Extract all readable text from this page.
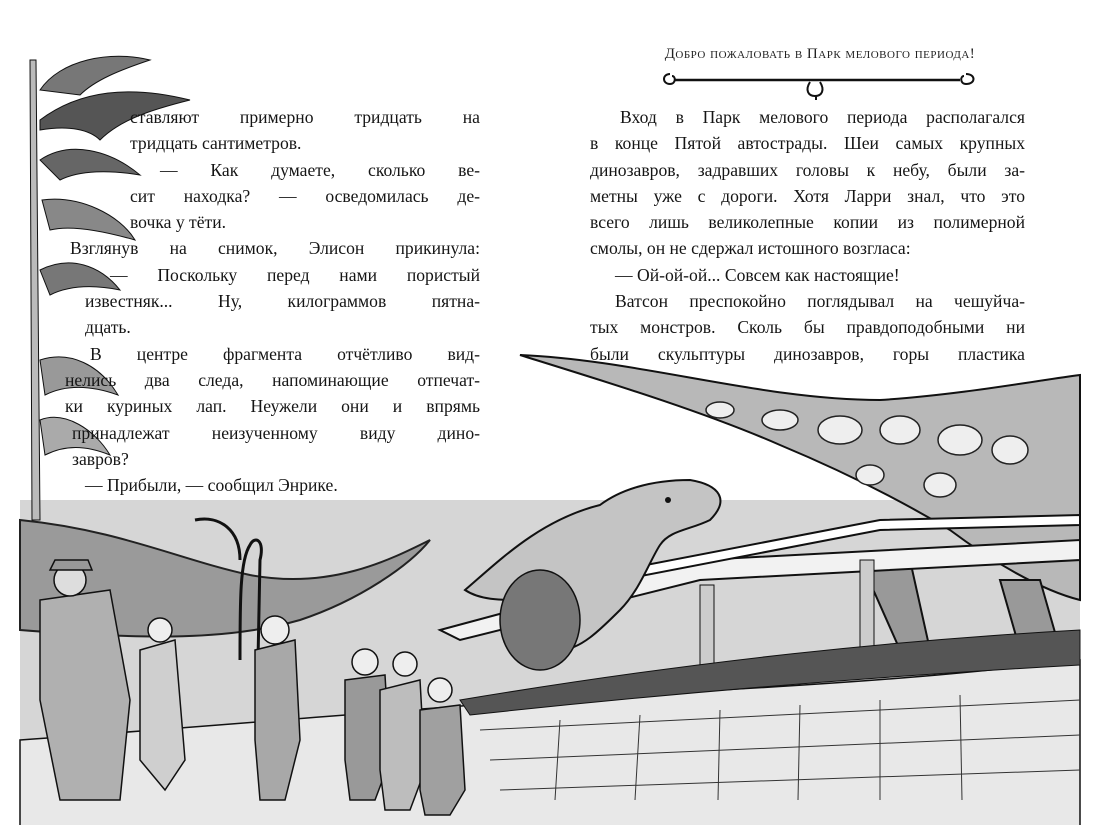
ставляют примерно тридцать на

тридцать сантиметров.

— Как думаете, сколько ве-

сит находка? — осведомилась де-

вочка у тёти.

Взглянув на снимок, Элисон прикинула:

— Поскольку перед нами пористый

известняк... Ну, килограммов пятна-

дцать.

В центре фрагмента отчётливо вид-

нелись два следа, напоминающие отпечат-

ки куриных лап. Неужели они и впрямь

принадлежат неизученному виду дино-

завров?

— Прибыли, — сообщил Энрике.

Добро пожаловать в Парк мелового периода!

Вход в Парк мелового периода располагался

в конце Пятой автострады. Шеи самых крупных

динозавров, задравших головы к небу, были за-

метны уже с дороги. Хотя Ларри знал, что это

всего лишь великолепные копии из полимерной

смолы, он не сдержал истошного возгласа:

— Ой-ой-ой... Совсем как настоящие!

Ватсон преспокойно поглядывал на чешуйча-

тых монстров. Сколь бы правдоподобными ни

были скульптуры динозавров, горы пластика
